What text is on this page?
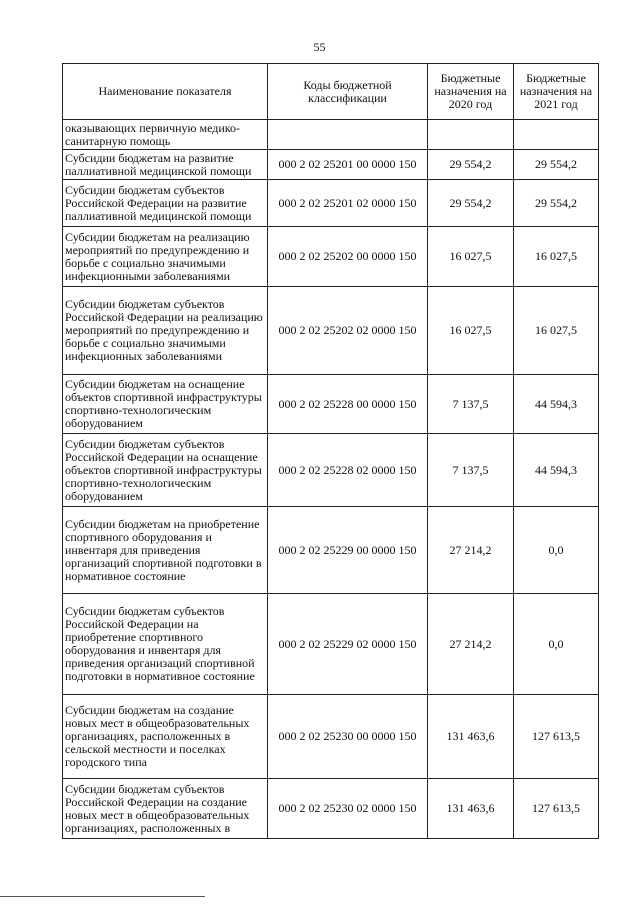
55
Наименование показателя	Коды бюджетной классификации	Бюджетные назначения на 2020 год	Бюджетные назначения на 2021 год
оказывающих первичную медико-санитарную помощь			
Субсидии бюджетам на развитие паллиативной медицинской помощи	000 2 02 25201 00 0000 150	29 554,2	29 554,2
Субсидии бюджетам субъектов Российской Федерации на развитие паллиативной медицинской помощи	000 2 02 25201 02 0000 150	29 554,2	29 554,2
Субсидии бюджетам на реализацию мероприятий по предупреждению и борьбе с социально значимыми инфекционными заболеваниями	000 2 02 25202 00 0000 150	16 027,5	16 027,5
Субсидии бюджетам субъектов Российской Федерации на реализацию мероприятий по предупреждению и борьбе с социально значимыми инфекционных заболеваниями	000 2 02 25202 02 0000 150	16 027,5	16 027,5
Субсидии бюджетам на оснащение объектов спортивной инфраструктуры спортивно-технологическим оборудованием	000 2 02 25228 00 0000 150	7 137,5	44 594,3
Субсидии бюджетам субъектов Российской Федерации на оснащение объектов спортивной инфраструктуры спортивно-технологическим оборудованием	000 2 02 25228 02 0000 150	7 137,5	44 594,3
Субсидии бюджетам на приобретение спортивного оборудования и инвентаря для приведения организаций спортивной подготовки в нормативное состояние	000 2 02 25229 00 0000 150	27 214,2	0,0
Субсидии бюджетам субъектов Российской Федерации на приобретение спортивного оборудования и инвентаря для приведения организаций спортивной подготовки в нормативное состояние	000 2 02 25229 02 0000 150	27 214,2	0,0
Субсидии бюджетам на создание новых мест в общеобразовательных организациях, расположенных в сельской местности и поселках городского типа	000 2 02 25230 00 0000 150	131 463,6	127 613,5
Субсидии бюджетам субъектов Российской Федерации на создание новых мест в общеобразовательных организациях, расположенных в	000 2 02 25230 02 0000 150	131 463,6	127 613,5
